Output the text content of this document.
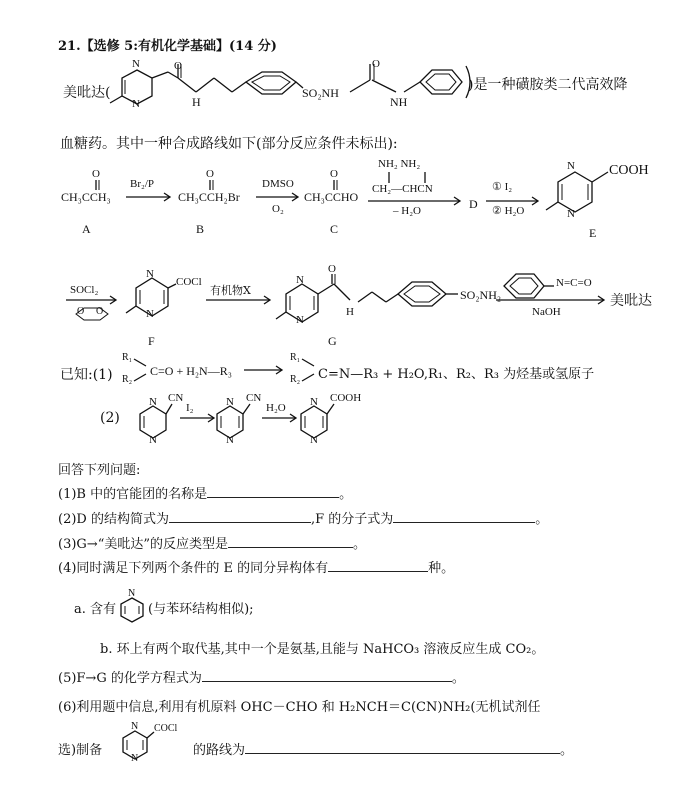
21.【选修 5:有机化学基础】(14 分)
美吡达(	)是一种磺胺类二代高效降
SO₂NH
NH
H
N
N
O	O
血糖药。其中一种合成路线如下(部分反应条件未标出):
CH₃CCH₃
O
A
Br₂/P
CH₃CCH₂Br
O
B
DMSO
O₂
CH₃CCHO
O
C
NH₂ NH₂
CH₂—CHCN
– H₂O	D
① I₂
② H₂O
COOH
N
N
E
SOCl₂
O O
COCl
N
N
F
有机物X
N
N
O
H
SO₂NH₂
G
N=C=O
NaOH
美吡达
已知:(1)
R₁
R₂
C=O + H₂N—R₃
R₁
R₂ C=N—R₃ + H₂O,R₁、R₂、R₃ 为烃基或氢原子
(2)
N
N
CN
I₂	N
N
CN
H₂O N
N
COOH
回答下列问题:
(1)B 中的官能团的名称是	。
(2)D 的结构简式为	,F 的分子式为	。
(3)G→“美吡达”的反应类型是	。
(4)同时满足下列两个条件的 E 的同分异构体有	种。
a. 含有
N
(与苯环结构相似);
b. 环上有两个取代基,其中一个是氨基,且能与 NaHCO₃ 溶液反应生成 CO₂。
(5)F→G 的化学方程式为	。
(6)利用题中信息,利用有机原料 OHC－CHO 和 H₂NCH＝C(CN)NH₂(无机试剂任
选)制备
N
N
COCl
的路线为	。
